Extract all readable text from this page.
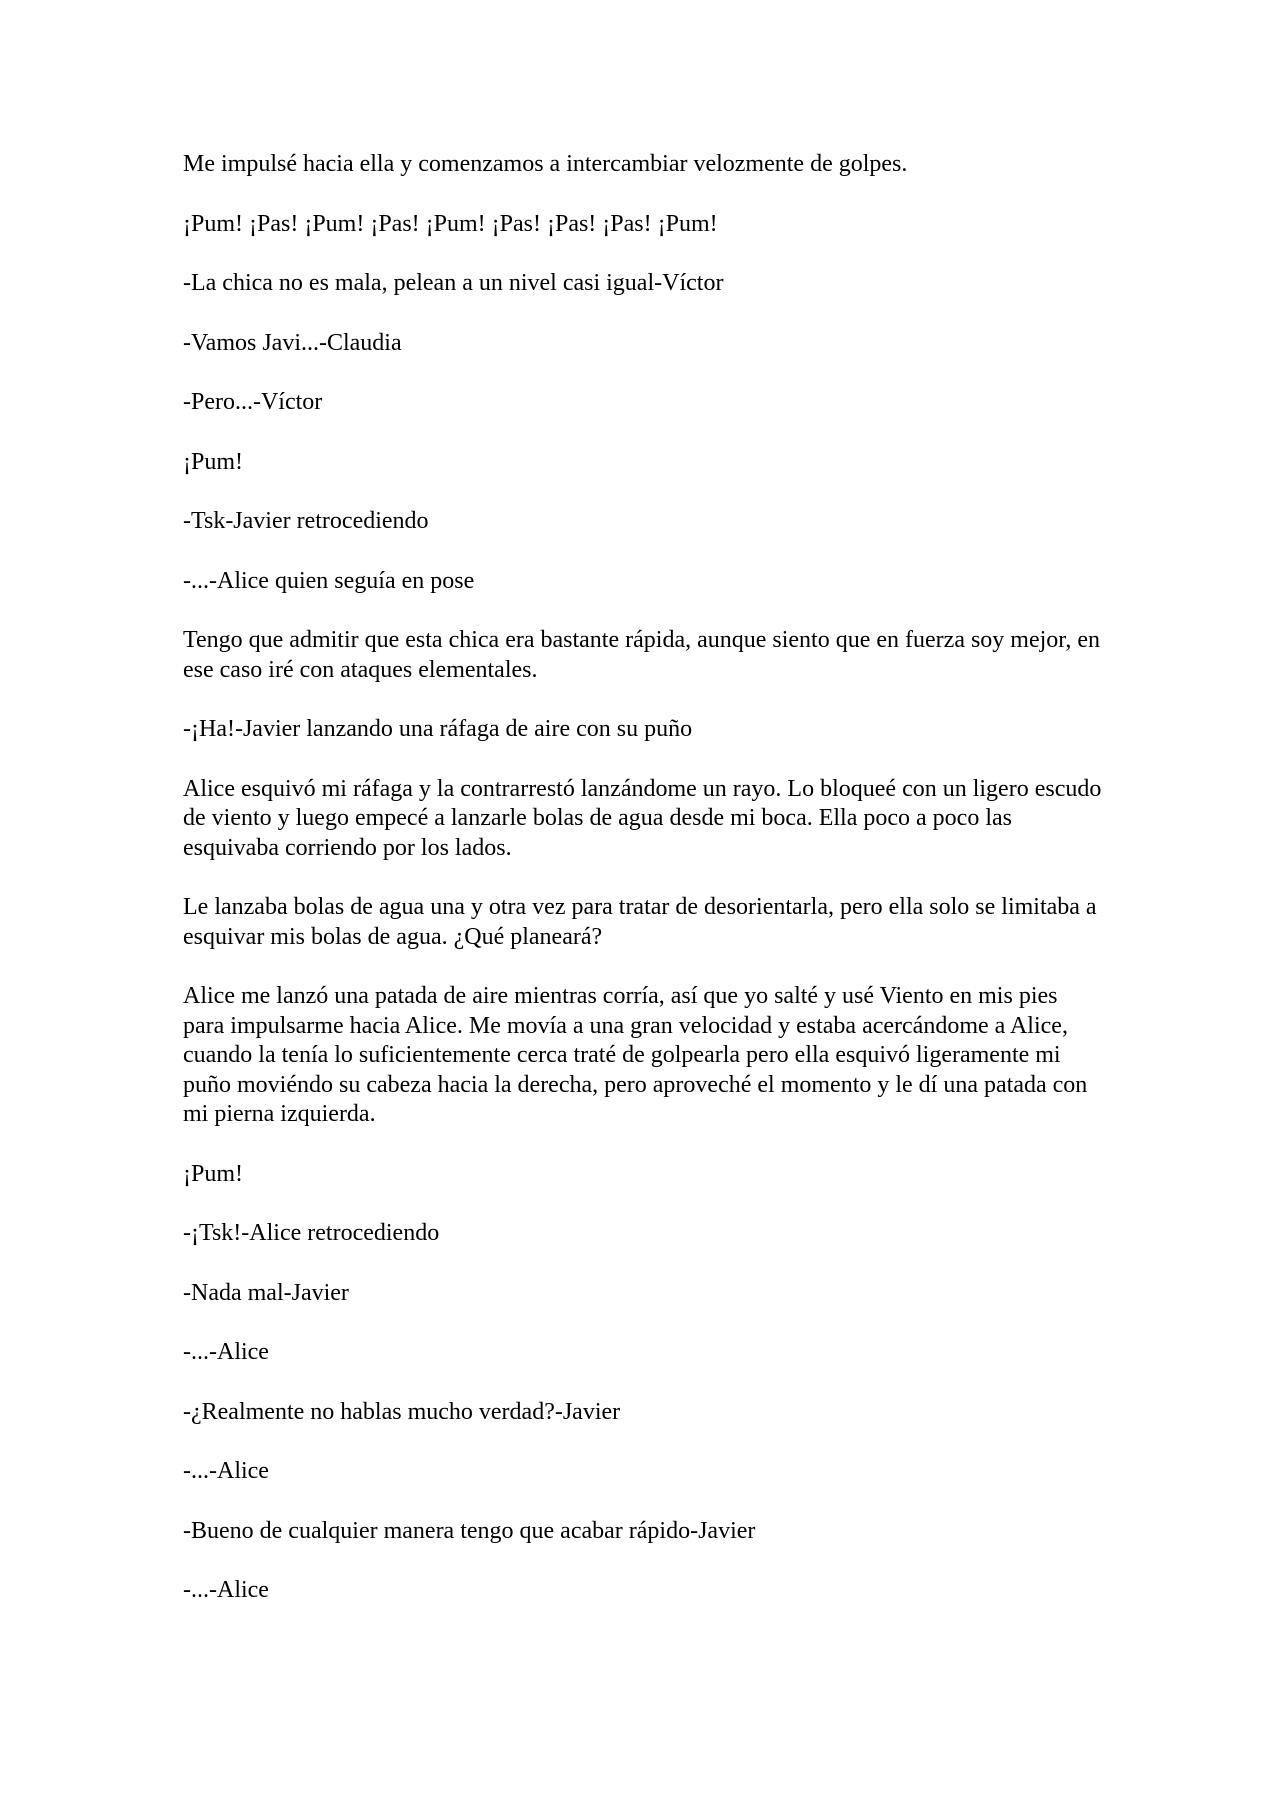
Me impulsé hacia ella y comenzamos a intercambiar velozmente de golpes.

¡Pum! ¡Pas! ¡Pum! ¡Pas! ¡Pum! ¡Pas! ¡Pas! ¡Pas! ¡Pum!

-La chica no es mala, pelean a un nivel casi igual-Víctor

-Vamos Javi...-Claudia

-Pero...-Víctor

¡Pum!

-Tsk-Javier retrocediendo

-...-Alice quien seguía en pose

Tengo que admitir que esta chica era bastante rápida, aunque siento que en fuerza soy mejor, en ese caso iré con ataques elementales.

-¡Ha!-Javier lanzando una ráfaga de aire con su puño

Alice esquivó mi ráfaga y la contrarrestó lanzándome un rayo. Lo bloqueé con un ligero escudo de viento y luego empecé a lanzarle bolas de agua desde mi boca. Ella poco a poco las esquivaba corriendo por los lados.

Le lanzaba bolas de agua una y otra vez para tratar de desorientarla, pero ella solo se limitaba a esquivar mis bolas de agua. ¿Qué planeará?

Alice me lanzó una patada de aire mientras corría, así que yo salté y usé Viento en mis pies para impulsarme hacia Alice. Me movía a una gran velocidad y estaba acercándome a Alice, cuando la tenía lo suficientemente cerca traté de golpearla pero ella esquivó ligeramente mi puño moviéndo su cabeza hacia la derecha, pero aproveché el momento y le dí una patada con mi pierna izquierda.

¡Pum!

-¡Tsk!-Alice retrocediendo

-Nada mal-Javier

-...-Alice

-¿Realmente no hablas mucho verdad?-Javier

-...-Alice

-Bueno de cualquier manera tengo que acabar rápido-Javier

-...-Alice
